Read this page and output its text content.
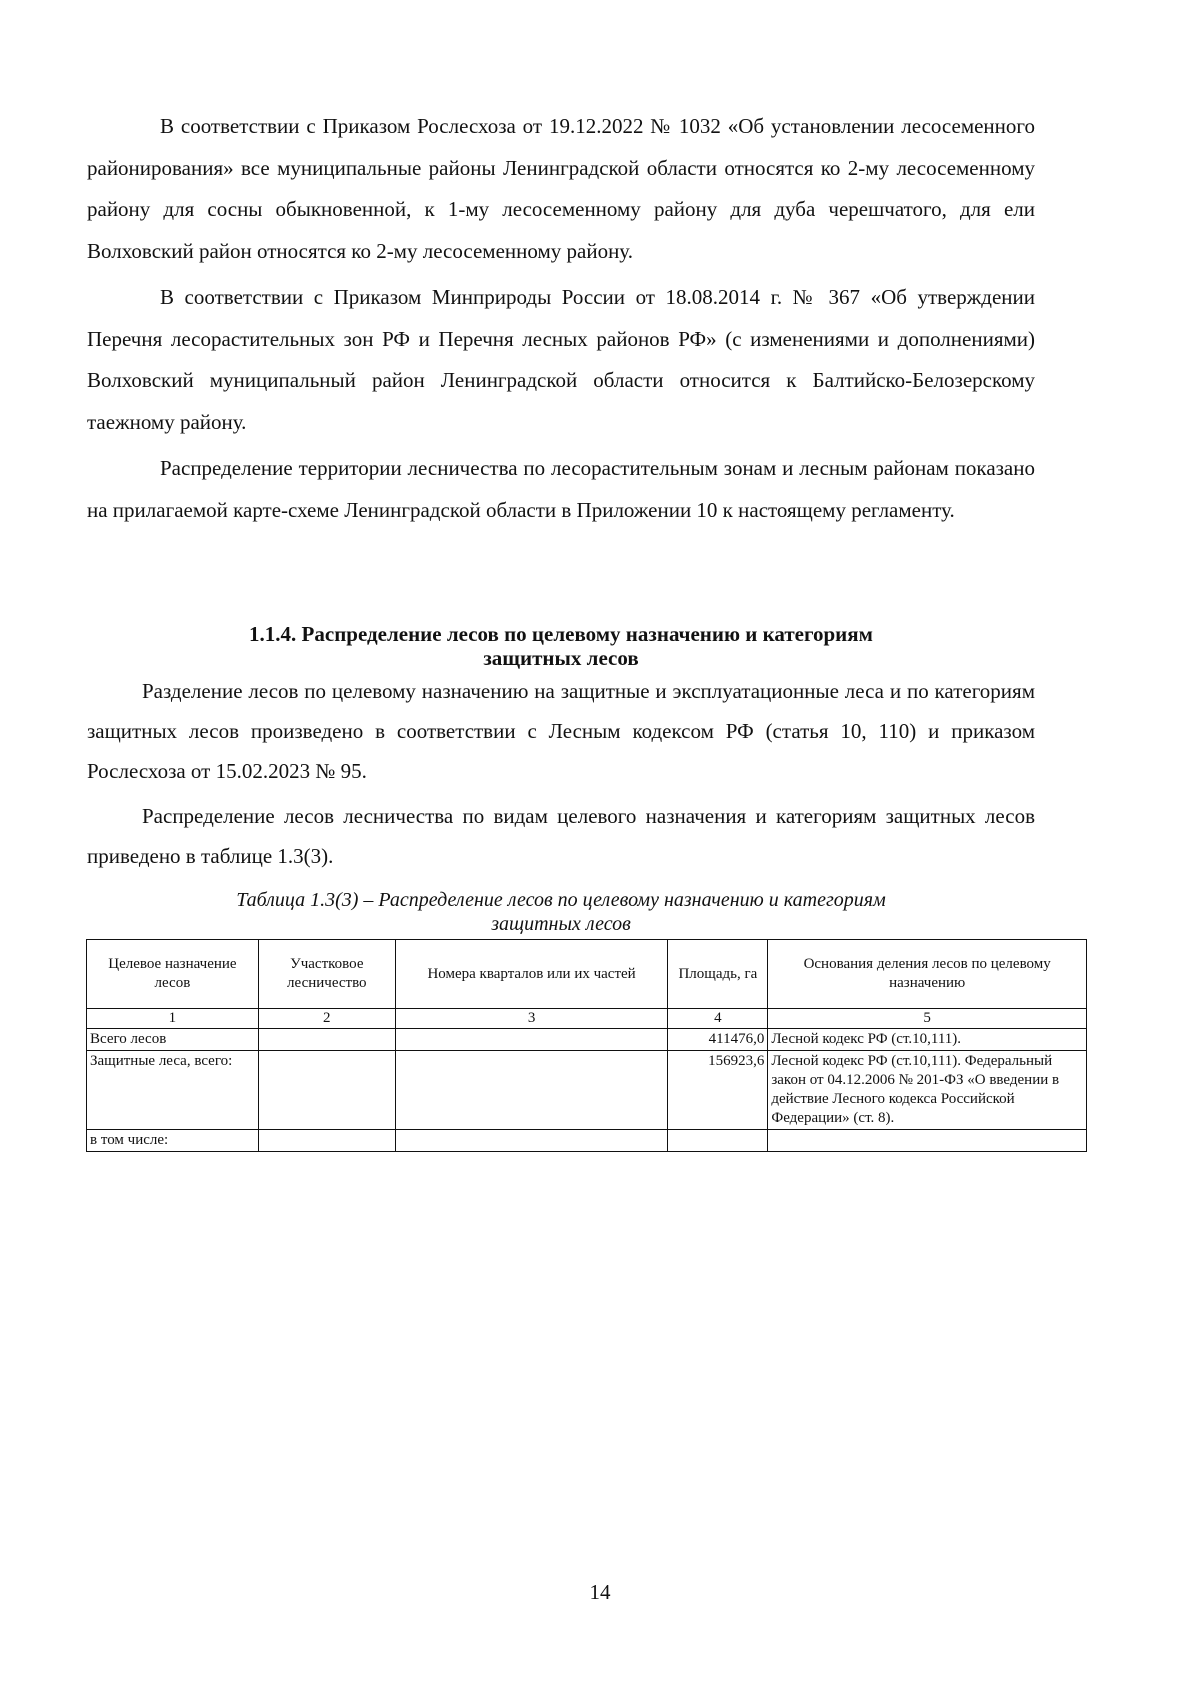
В соответствии с Приказом Рослесхоза от 19.12.2022 № 1032 «Об установлении лесосеменного районирования» все муниципальные районы Ленинградской области относятся ко 2-му лесосеменному району для сосны обыкновенной, к 1-му лесосеменному району для дуба черешчатого, для ели Волховский район относятся ко 2-му лесосеменному району.

В соответствии с Приказом Минприроды России от 18.08.2014 г. № 367 «Об утверждении Перечня лесорастительных зон РФ и Перечня лесных районов РФ» (с изменениями и дополнениями) Волховский муниципальный район Ленинградской области относится к Балтийско-Белозерскому таежному району.

Распределение территории лесничества по лесорастительным зонам и лесным районам показано на прилагаемой карте-схеме Ленинградской области в Приложении 10 к настоящему регламенту.

1.1.4. Распределение лесов по целевому назначению и категориям
защитных лесов

Разделение лесов по целевому назначению на защитные и эксплуатационные леса и по категориям защитных лесов произведено в соответствии с Лесным кодексом РФ (статья 10, 110) и приказом Рослесхоза от 15.02.2023 № 95.

Распределение лесов лесничества по видам целевого назначения и категориям защитных лесов приведено в таблице 1.3(3).

Таблица 1.3(3) – Распределение лесов по целевому назначению и категориям
защитных лесов
Целевое назначение лесов	Участковое лесничество	Номера кварталов или их частей	Площадь, га	Основания деления лесов по целевому назначению
1	2	3	4	5
Всего лесов			411476,0	Лесной кодекс РФ (ст.10,111).
Защитные леса, всего:			156923,6	Лесной кодекс РФ (ст.10,111). Федеральный закон от 04.12.2006 № 201-ФЗ «О введении в действие Лесного кодекса Российской Федерации» (ст. 8).
в том числе:				
14
